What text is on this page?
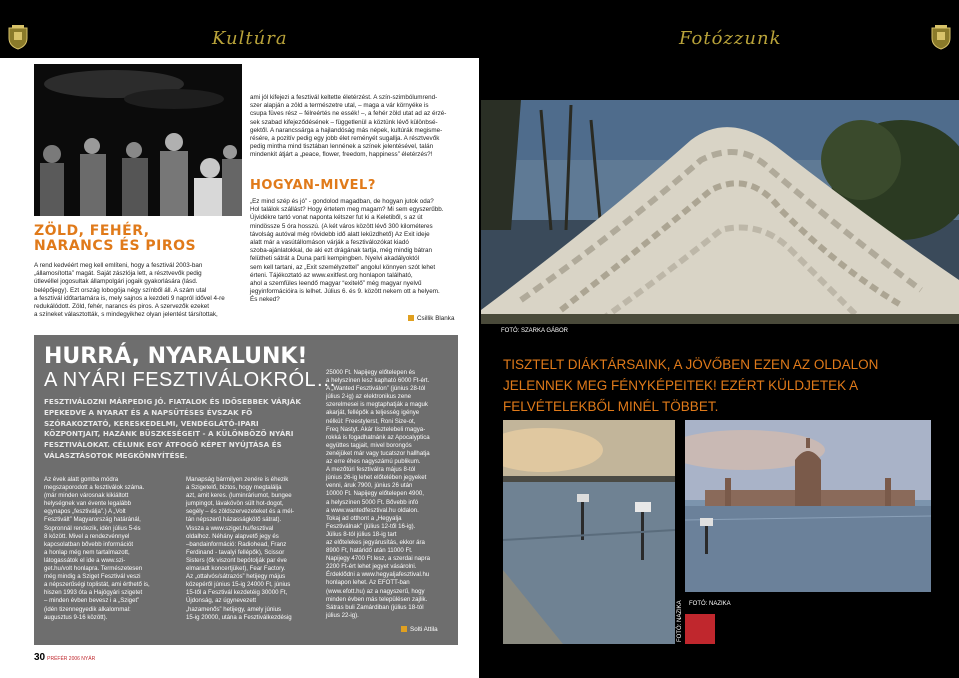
Kultúra
ami jól kifejezi a fesztivál keltette életérzést. A szín-szimbólumrend-
szer alapján a zöld a természetre utal, – maga a vár környéke is
csupa füves rész – félreértés ne essék! –, a fehér zöld utat ad az érzé-
sek szabad kifejeződésének – függetlenül a köztünk lévő különbsé-
gektől. A narancssárga a hajlandóság más népek, kultúrák megisme-
résére, a pozitív pedig egy jobb élet reményét sugallja. A résztvevők
pedig mintha mind tisztában lennének a színek jelentésével, talán
mindenkit átjárt a „peace, flower, freedom, happiness” életérzés?!
ZÖLD, FEHÉR,
NARANCS ÉS PIROS
A rend kedvéért meg kell említeni, hogy a fesztivál 2003-ban
„államosította” magát. Saját zászlója lett, a résztvevők pedig
útlevéllel jogosultak állampolgári jogaik gyakorlására (lásd.
belépőjegy). Ezt ország lobogója négy színből áll. A szám utal
a fesztivál időtartamára is, mely sajnos a kezdeti 9 napról idővel 4-re
redukálódott. Zöld, fehér, narancs és piros. A szervezők ezeket
a színeket választották, s mindegyikhez olyan jelentést társítottak,
HOGYAN-MIVEL?
„Ez mind szép és jó” - gondolod magadban, de hogyan jutok oda?
Hol találok szállást? Hogy értetem meg magam? Mi sem egyszerűbb.
Újvidékre tartó vonat naponta kétszer fut ki a Keletiből, s az út
mindössze 5 óra hosszú. (A két város között lévő 300 kilométeres
távolság autóval még rövidebb idő alatt leküzdhető) Az Exit ideje
alatt már a vasútállomáson várják a fesztiválozókat kiadó
szoba-ajánlatokkal, de aki ezt drágának tartja, még mindig bátran
felütheti sátrát a Duna parti kempingben. Nyelvi akadályoktól
sem kell tartani, az „Exit személyzettel” angolul könnyen szót lehet
érteni. Tájékoztató az www.exitfest.org honlapon található,
ahol a szemfüles leendő magyar “exitelő” még magyar nyelvű
jegyinformációira is lelhet. Július 6. és 9. között nekem ott a helyem.
És neked?
Csillik Blanka
HURRÁ, NYARALUNK!
A NYÁRI FESZTIVÁLOKRÓL…
FESZTIVÁLOZNI MÁRPEDIG JÓ. FIATALOK ÉS IDŐSEBBEK VÁRJÁK EPEKEDVE A NYARAT ÉS A NAPSÜTÉSES ÉVSZAK FŐ SZÓRAKOZTATÓ, KERESKEDELMI, VENDÉGLÁTÓ-IPARI KÖZPONTJAIT, HAZÁNK BÜSZKESÉGEIT - A KÜLÖNBÖZŐ NYÁRI FESZTIVÁLOKAT. CÉLUNK EGY ÁTFOGÓ KÉPET NYÚJTÁSA ÉS VÁLASZTÁSOTOK MEGKÖNNYÍTÉSE.
Az évek alatt gomba módra
megszaporodott a fesztiválok száma.
(már minden városnak kikiáltott
helységnek van évente legalább
egynapos „fesztiválja”.) A „Volt
Fesztivált” Magyarország határánál,
Sopronnál rendezik, idén július 5-és
8 között. Mivel a rendezvénnyel
kapcsolatban bővebb információt
a honlap még nem tartalmazott,
látogassátok el ide a www.szi-
get.hu/volt honlapra. Természetesen
még mindig a Sziget Fesztivál veszi
a népszerűségi toplistát, ami érthető is,
hiszen 1993 óta a Hajógyári szigetet
– minden évben bevesz i a „Sziget”
(idén tizennegyedik alkalommal:
augusztus 9-16 között).
Manapság bármilyen zenére is éhezik
a Szigetelő, biztos, hogy megtalálja
azt, amit keres. (luminráriumot, bungee
jumpingot, lávakövön sült hot-dogot,
segély – és zöldszervezeteket és a mél-
tán népszerű házasságkötő sátrat).
Vissza a www.sziget.hu/fesztival
oldalhoz. Néhány alapvető jegy és
–bandainformáció: Radiohead, Franz
Ferdinand - tavalyi fellépők), Scissor
Sisters (ők viszont bepótolják par éve
elmaradt koncertjüket), Fear Factory.
Az „ottalvós/sátrazós” hetijegy május
közepéről június 15-ig 24000 Ft, június
15-től a Fesztivál kezdetéig 30000 Ft,
Újdonság, az úgynevezett
„hazamenős” hetijegy, amely június
15-ig 20000, utána a Fesztiválkezdésig
25000 Ft. Napijegy előtelepen és
a helyszínen lesz kapható 6000 Ft-ért.
A „Wanted Fesztiválon” (június 28-tól
július 2-ig) az elektronikus zene
szerelmesei is megtaphatják a maguk
akarját, fellépők a teljesség igénye
nélkül: Freestylerst, Roni Size-ot,
Freq Nastyt. Akár tisztelebeli magya-
rokká is fogadhatnánk az Apocalyptica
együttes tagjait, mivel borongós
zenéjüket már vagy tucatszor hallhatja
az erre éhes nagyszámú publikum.
A mezőtúri fesztiválra május 8-tól
június 26-ig lehet előtelében jegyeket
venni, áruk 7900, június 26 után
10000 Ft. Napijegy előtelepen 4900,
a helyszínen 5000 Ft. Bővebb infó
a www.wantedfesztival.hu oldalon.
Tokaj ad otthont a „Hegyalja
Fesztiválnak” (július 12-től 16-ig).
Július 8-tól július 18-ig tart
az előtelekes jegyárusítás, ekkor ára
8900 Ft, határidő után 11000 Ft.
Napijegy 4700 Ft lesz, a szerdai napra
2200 Ft-ért lehet jegyet vásárolni.
Érdeklődni a www.hegyaljafesztival.hu
honlapon lehet. Az EFOTT-ban
(www.efott.hu) az a nagyszerű, hogy
minden évben más településen zajlik.
Sátras buli Zamárdiban (július 18-tól
július 22-ig).
Solti Attila
30 PRÉFÉR 2006 NYÁR
Fotózzunk
FOTÓ: SZARKA GÁBOR
TISZTELT DIÁKTÁRSAINK, A JÖVŐBEN EZEN AZ OLDALON JELENNEK MEG FÉNYKÉPEITEK! EZÉRT KÜLDJETEK A FELVÉTELEKBŐL MINÉL TÖBBET.
FOTÓ: NAZIKA FOTÓ: NAZIKA
